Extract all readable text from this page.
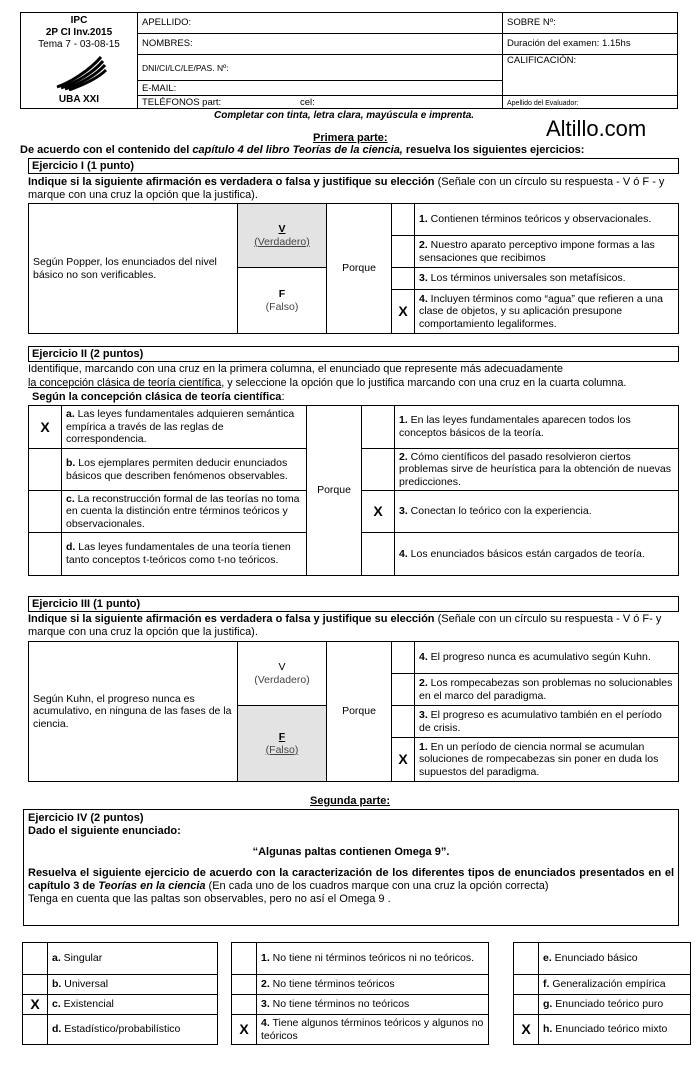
IPC
2P CI Inv.2015
Tema 7 - 03-08-15
UBA XXI	APELLIDO:		SOBRE Nº:
	NOMBRES:		Duración del examen: 1.15hs
	DNI/CI/LC/LE/PAS. Nº:		CALIFICACIÓN:
	E-MAIL:		
	TELÉFONOS part:	cel:	Apellido del Evaluador:
Completar con tinta, letra clara, mayúscula e imprenta.
Altillo.com
Primera parte:
De acuerdo con el contenido del capítulo 4 del libro Teorías de la ciencia, resuelva los siguientes ejercicios:
Ejercicio I (1 punto)
Indique si la siguiente afirmación es verdadera o falsa y justifique su elección (Señale con un círculo su respuesta - V ó F - y marque con una cruz la opción que la justifica).
Según Popper, los enunciados del nivel básico no son verificables.	V
(Verdadero)	Porque		1. Contienen términos teóricos y observacionales.
				2. Nuestro aparato perceptivo impone formas a las sensaciones que recibimos

	F
(Falso)			3. Los términos universales son metafísicos.
			X	4. Incluyen términos como “agua” que refieren a una clase de objetos, y su aplicación presupone comportamiento legaliformes.
Ejercicio II (2 puntos)
Identifique, marcando con una cruz en la primera columna, el enunciado que represente más adecuadamente
la concepción clásica de teoría científica, y seleccione la opción que lo justifica marcando con una cruz en la cuarta columna.
Según la concepción clásica de teoría científica:
X	a. Las leyes fundamentales adquieren semántica empírica a través de las reglas de correspondencia.	Porque		1. En las leyes fundamentales aparecen todos los conceptos básicos de la teoría.
	b. Los ejemplares permiten deducir enunciados básicos que describen fenómenos observables.			2. Cómo científicos del pasado resolvieron ciertos problemas sirve de heurística para la obtención de nuevas predicciones.
	c. La reconstrucción formal de las teorías no toma en cuenta la distinción entre términos teóricos y observacionales.		X	3. Conectan lo teórico con la experiencia.
	d. Las leyes fundamentales de una teoría tienen tanto conceptos t-teóricos como t-no teóricos.			4. Los enunciados básicos están cargados de teoría.
Ejercicio III (1 punto)
Indique si la siguiente afirmación es verdadera o falsa y justifique su elección (Señale con un círculo su respuesta - V ó F- y marque con una cruz la opción que la justifica).
Según Kuhn, el progreso nunca es acumulativo, en ninguna de las fases de la ciencia.	V
(Verdadero)	Porque		4. El progreso nunca es acumulativo según Kuhn.
				2. Los rompecabezas son problemas no solucionables en el marco del paradigma.

	F
(Falso)			3. El progreso es acumulativo también en el período de crisis.
			X	1. En un período de ciencia normal se acumulan soluciones de rompecabezas sin poner en duda los supuestos del paradigma.
Segunda parte:
Ejercicio IV (2 puntos)
Dado el siguiente enunciado:
“Algunas paltas contienen Omega 9”.
Resuelva el siguiente ejercicio de acuerdo con la caracterización de los diferentes tipos de enunciados presentados en el capítulo 3 de Teorías en la ciencia (En cada uno de los cuadros marque con una cruz la opción correcta)
Tenga en cuenta que las paltas son observables, pero no así el Omega 9 .
	a. Singular
	b. Universal
X	c. Existencial
	d. Estadístico/probabilístico
	1. No tiene ni términos teóricos ni no teóricos.
	2. No tiene términos teóricos
	3. No tiene términos no teóricos
X	4. Tiene algunos términos teóricos y algunos no teóricos
	e. Enunciado básico
	f. Generalización empírica
	g. Enunciado teórico puro
X	h. Enunciado teórico mixto
